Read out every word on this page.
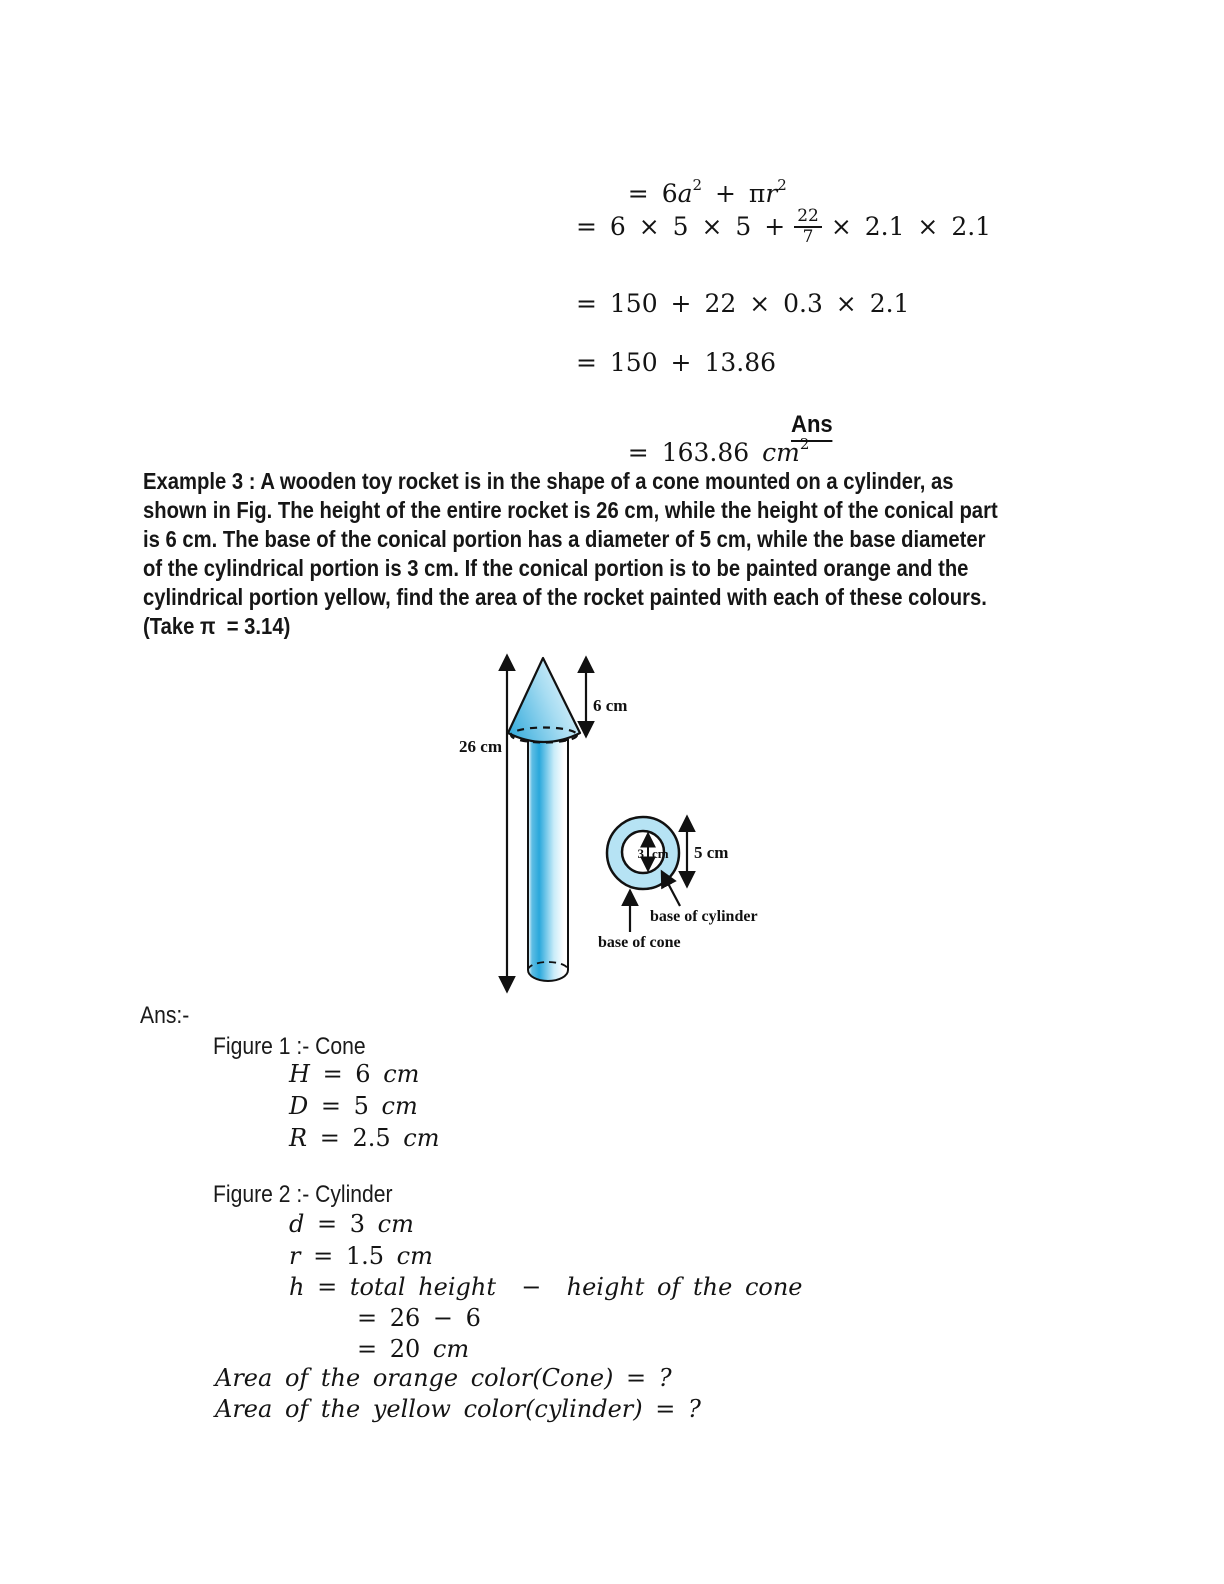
= $6a^2 + \pi r^2$

= $6 \times 5 \times 5 + \frac{22}{7} \times 2.1 \times 2.1$
= 150 + 22 × 0.3 × 2.1
= 150 + 13.86

= 163.86 $cm^2$

Ans
Example 3 : A wooden toy rocket is in the shape of a cone mounted on a cylinder, as
shown in Fig. The height of the entire rocket is 26 cm, while the height of the conical part
is 6 cm. The base of the conical portion has a diameter of 5 cm, while the base diameter
of the cylindrical portion is 3 cm. If the conical portion is to be painted orange and the
cylindrical portion yellow, find the area of the rocket painted with each of these colours.
(Take π  = 3.14)
26 cm
6 cm
3 cm 5 cm
base of cylinder
base of cone
Ans:-
Figure 1 :- Cone
H = 6 cm
D = 5 cm
R = 2.5 cm
Figure 2 :- Cylinder
d = 3 cm
r = 1.5 cm
h = total height  −  height of the cone
= 26 − 6
= 20 cm
Area of the orange color(Cone) = ?
Area of the yellow color(cylinder) = ?
